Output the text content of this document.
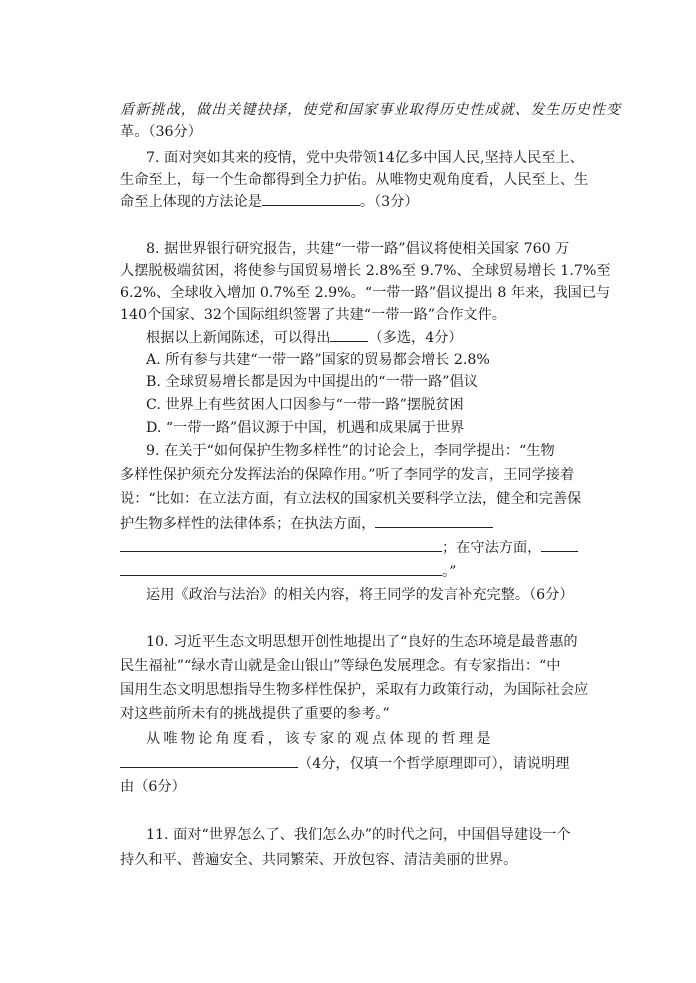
盾新挑战，做出关键抉择，使党和国家事业取得历史性成就、发生历史性变
革。（36分）
7. 面对突如其来的疫情，党中央带领14亿多中国人民,坚持人民至上、
生命至上，每一个生命都得到全力护佑。从唯物史观角度看，人民至上、生
命至上体现的方法论是	。（3分）
8. 据世界银行研究报告，共建“一带一路”倡议将使相关国家 760 万
人摆脱极端贫困，将使参与国贸易增长 2.8%至 9.7%、全球贸易增长 1.7%至
6.2%、全球收入增加 0.7%至 2.9%。“一带一路”倡议提出 8 年来，我国已与
140个国家、32个国际组织签署了共建“一带一路”合作文件。
根据以上新闻陈述，可以得出	（多选，4分）
A. 所有参与共建“一带一路”国家的贸易都会增长 2.8%
B. 全球贸易增长都是因为中国提出的“一带一路”倡议
C. 世界上有些贫困人口因参与“一带一路”摆脱贫困
D. “一带一路”倡议源于中国，机遇和成果属于世界
9. 在关于“如何保护生物多样性”的讨论会上，李同学提出：“生物
多样性保护须充分发挥法治的保障作用。”听了李同学的发言，王同学接着
说：“比如：在立法方面，有立法权的国家机关要科学立法，健全和完善保
护生物多样性的法律体系；在执法方面，
；在守法方面，
。”
运用《政治与法治》的相关内容，将王同学的发言补充完整。（6分）
10. 习近平生态文明思想开创性地提出了“良好的生态环境是最普惠的
民生福祉”“绿水青山就是金山银山”等绿色发展理念。有专家指出：“中
国用生态文明思想指导生物多样性保护，采取有力政策行动，为国际社会应
对这些前所未有的挑战提供了重要的参考。”
从唯物论角度看，该专家的观点体现的哲理是
（4分，仅填一个哲学原理即可），请说明理
由（6分）
11. 面对“世界怎么了、我们怎么办”的时代之问，中国倡导建设一个
持久和平、普遍安全、共同繁荣、开放包容、清洁美丽的世界。
